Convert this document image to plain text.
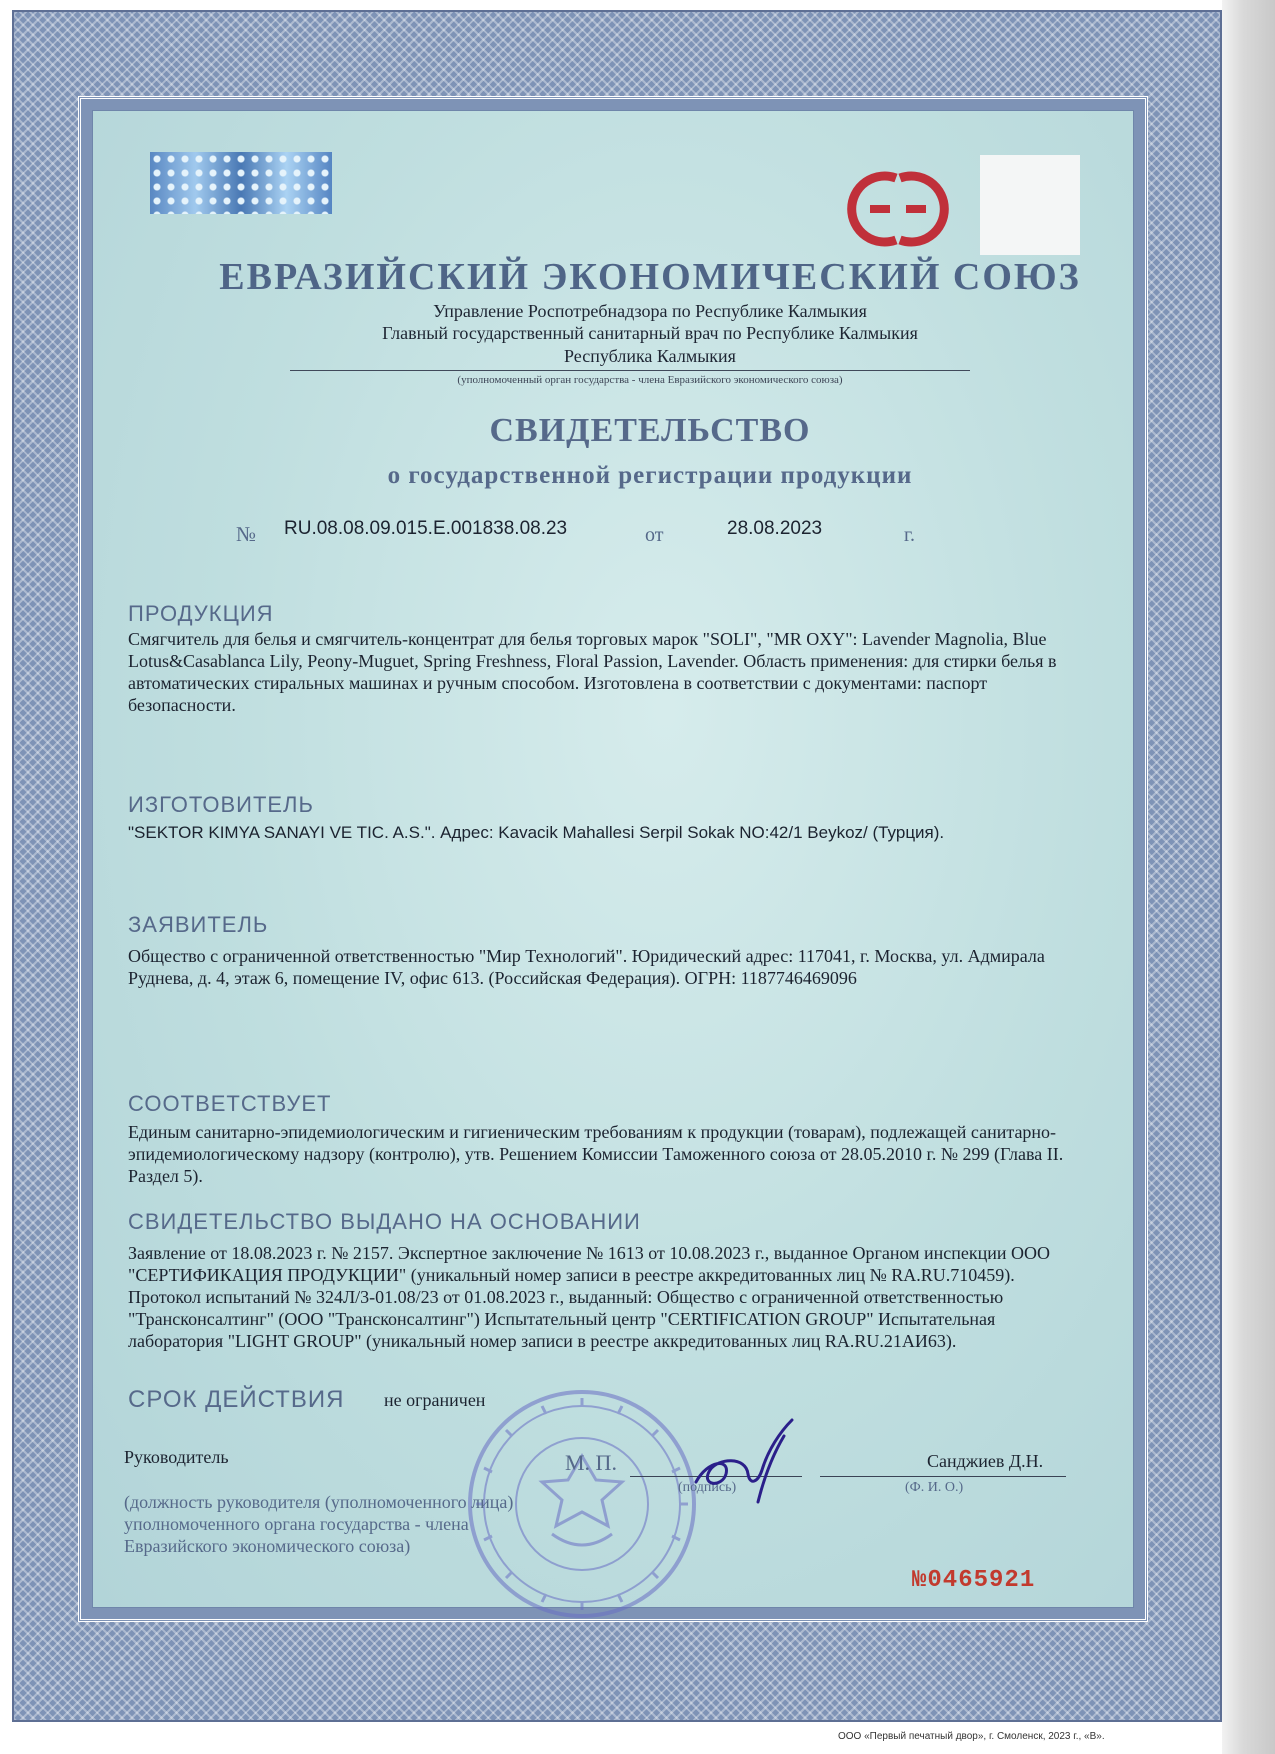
ЕВРАЗИЙСКИЙ ЭКОНОМИЧЕСКИЙ СОЮЗ
Управление Роспотребнадзора по Республике Калмыкия
Главный государственный санитарный врач по Республике Калмыкия
Республика Калмыкия
(уполномоченный орган государства - члена Евразийского экономического союза)
СВИДЕТЕЛЬСТВО
о государственной регистрации продукции
№ RU.08.08.09.015.E.001838.08.23	от	28.08.2023	г.
ПРОДУКЦИЯ
Смягчитель для белья и смягчитель-концентрат для белья торговых марок "SOLI", "MR OXY": Lavender Magnolia, Blue Lotus&Casablanca Lily, Peony-Muguet, Spring Freshness, Floral Passion, Lavender. Область применения: для стирки белья в автоматических стиральных машинах и ручным способом. Изготовлена в соответствии с документами: паспорт безопасности.
ИЗГОТОВИТЕЛЬ
"SEKTOR KIMYA SANAYI VE TIC. A.S.". Адрес: Kavacik Mahallesi Serpil Sokak NO:42/1 Beykoz/ (Турция).
ЗАЯВИТЕЛЬ
Общество с ограниченной ответственностью "Мир Технологий". Юридический адрес: 117041, г. Москва, ул. Адмирала Руднева, д. 4, этаж 6, помещение IV, офис 613. (Российская Федерация). ОГРН: 1187746469096
СООТВЕТСТВУЕТ
Единым санитарно-эпидемиологическим и гигиеническим требованиям к продукции (товарам), подлежащей санитарно-эпидемиологическому надзору (контролю), утв. Решением Комиссии Таможенного союза от 28.05.2010 г. № 299 (Глава II. Раздел 5).
СВИДЕТЕЛЬСТВО ВЫДАНО НА ОСНОВАНИИ
Заявление от 18.08.2023 г. № 2157. Экспертное заключение № 1613 от 10.08.2023 г., выданное Органом инспекции ООО "СЕРТИФИКАЦИЯ ПРОДУКЦИИ" (уникальный номер записи в реестре аккредитованных лиц № RA.RU.710459). Протокол испытаний № 324Л/3-01.08/23 от 01.08.2023 г., выданный: Общество с ограниченной ответственностью "Трансконсалтинг" (ООО "Трансконсалтинг") Испытательный центр "CERTIFICATION GROUP" Испытательная лаборатория "LIGHT GROUP" (уникальный номер записи в реестре аккредитованных лиц RA.RU.21АИ63).
СРОК ДЕЙСТВИЯ не ограничен
Руководитель	М. П.
(подпись)
Санджиев Д.Н.
(Ф. И. О.)
(должность руководителя (уполномоченного лица) уполномоченного органа государства - члена Евразийского экономического союза)
№0465921
ООО «Первый печатный двор», г. Смоленск, 2023 г., «В».
